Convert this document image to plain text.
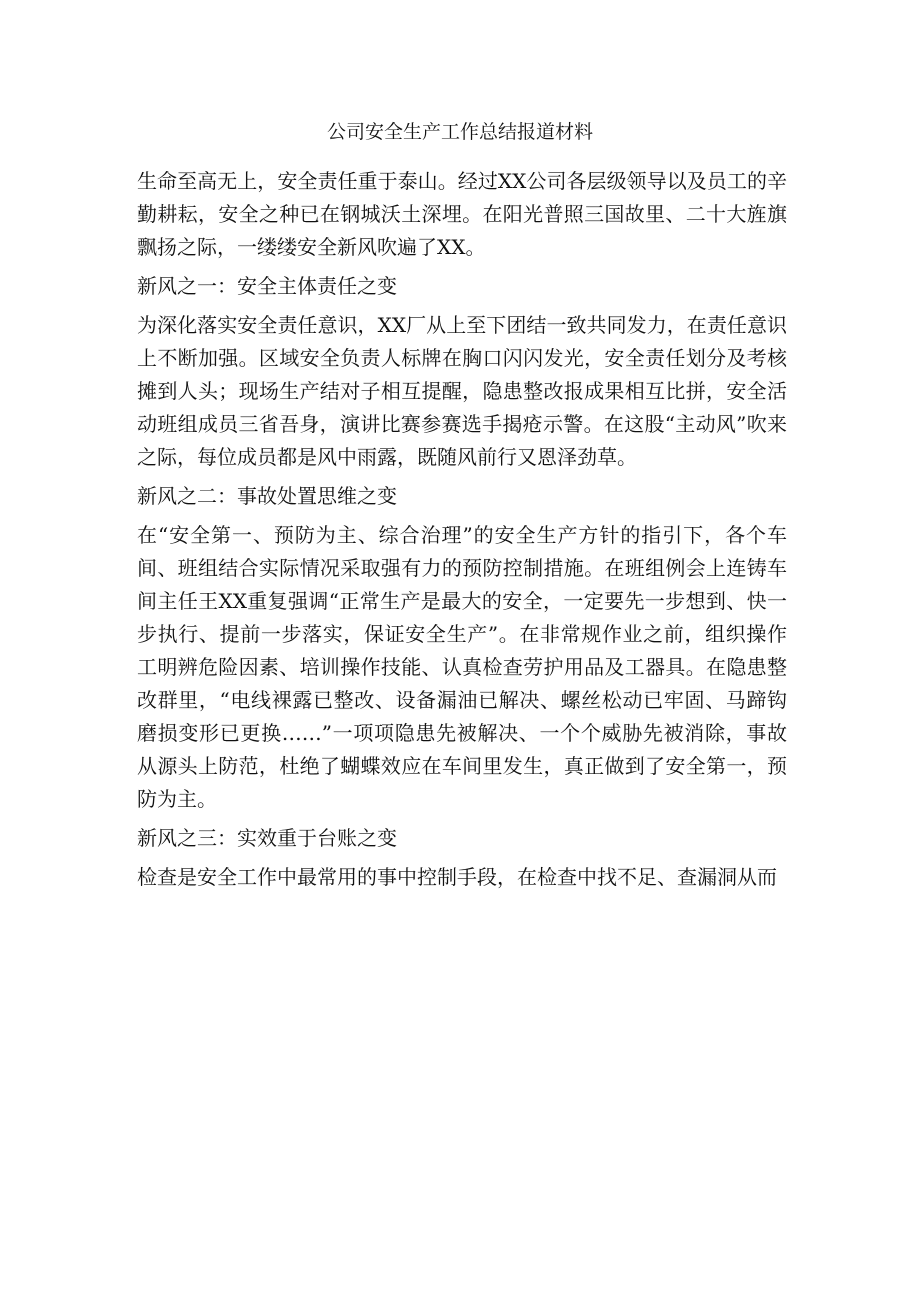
公司安全生产工作总结报道材料

生命至高无上，安全责任重于泰山。经过XX公司各层级领导以及员工的辛勤耕耘，安全之种已在钢城沃土深埋。在阳光普照三国故里、二十大旌旗飘扬之际，一缕缕安全新风吹遍了XX。

新风之一：安全主体责任之变

为深化落实安全责任意识，XX厂从上至下团结一致共同发力，在责任意识上不断加强。区域安全负责人标牌在胸口闪闪发光，安全责任划分及考核摊到人头；现场生产结对子相互提醒，隐患整改报成果相互比拼，安全活动班组成员三省吾身，演讲比赛参赛选手揭疮示警。在这股“主动风”吹来之际，每位成员都是风中雨露，既随风前行又恩泽劲草。

新风之二：事故处置思维之变

在“安全第一、预防为主、综合治理”的安全生产方针的指引下，各个车间、班组结合实际情况采取强有力的预防控制措施。在班组例会上连铸车间主任王XX重复强调“正常生产是最大的安全，一定要先一步想到、快一步执行、提前一步落实，保证安全生产”。在非常规作业之前，组织操作工明辨危险因素、培训操作技能、认真检查劳护用品及工器具。在隐患整改群里，“电线裸露已整改、设备漏油已解决、螺丝松动已牢固、马蹄钩磨损变形已更换……”一项项隐患先被解决、一个个威胁先被消除，事故从源头上防范，杜绝了蝴蝶效应在车间里发生，真正做到了安全第一，预防为主。

新风之三：实效重于台账之变

检查是安全工作中最常用的事中控制手段，在检查中找不足、查漏洞从而
